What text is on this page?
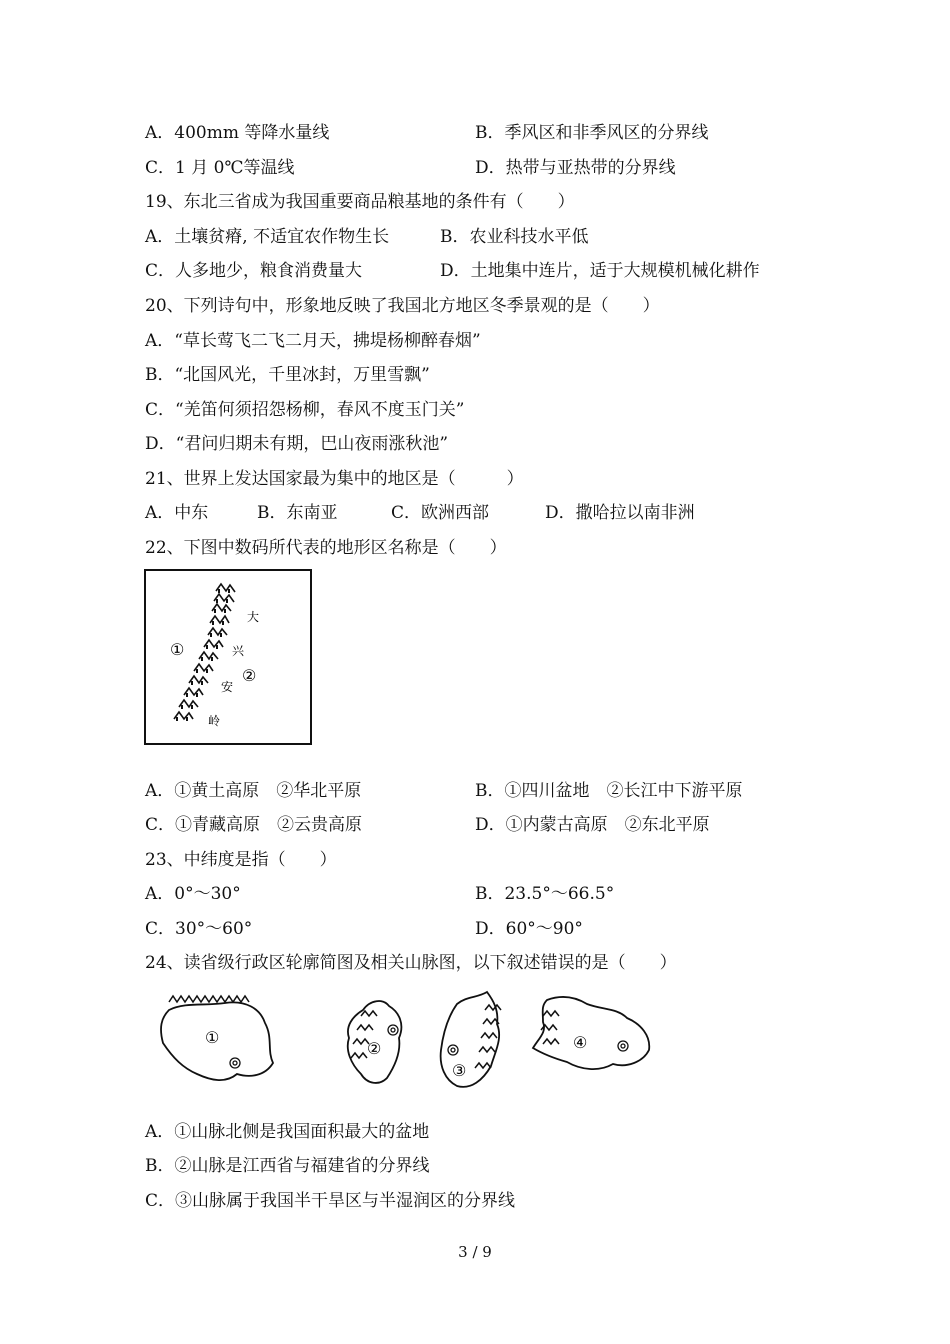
A．400mm 等降水量线	B．季风区和非季风区的分界线
C．1 月 0℃等温线	D．热带与亚热带的分界线
19、东北三省成为我国重要商品粮基地的条件有（　　）
A．土壤贫瘠, 不适宜农作物生长	B．农业科技水平低
C．人多地少，粮食消费量大	D．土地集中连片，适于大规模机械化耕作
20、下列诗句中，形象地反映了我国北方地区冬季景观的是（　　）
A．“草长莺飞二飞二月天，拂堤杨柳醉春烟”
B．“北国风光，千里冰封，万里雪飘”
C．“羌笛何须招怨杨柳，春风不度玉门关”
D．“君问归期未有期，巴山夜雨涨秋池”
21、世界上发达国家最为集中的地区是（　　　）
A．中东	B．东南亚	C．欧洲西部	D．撒哈拉以南非洲
22、下图中数码所代表的地形区名称是（　　）
①
②
大
兴
安
岭
A．①黄土高原　②华北平原	B．①四川盆地　②长江中下游平原
C．①青藏高原　②云贵高原	D．①内蒙古高原　②东北平原
23、中纬度是指（　　）
A．0°～30°	B．23.5°～66.5°
C．30°～60°	D．60°～90°
24、读省级行政区轮廓简图及相关山脉图，以下叙述错误的是（　　）
①
②
③
④
A．①山脉北侧是我国面积最大的盆地
B．②山脉是江西省与福建省的分界线
C．③山脉属于我国半干旱区与半湿润区的分界线
3 / 9
